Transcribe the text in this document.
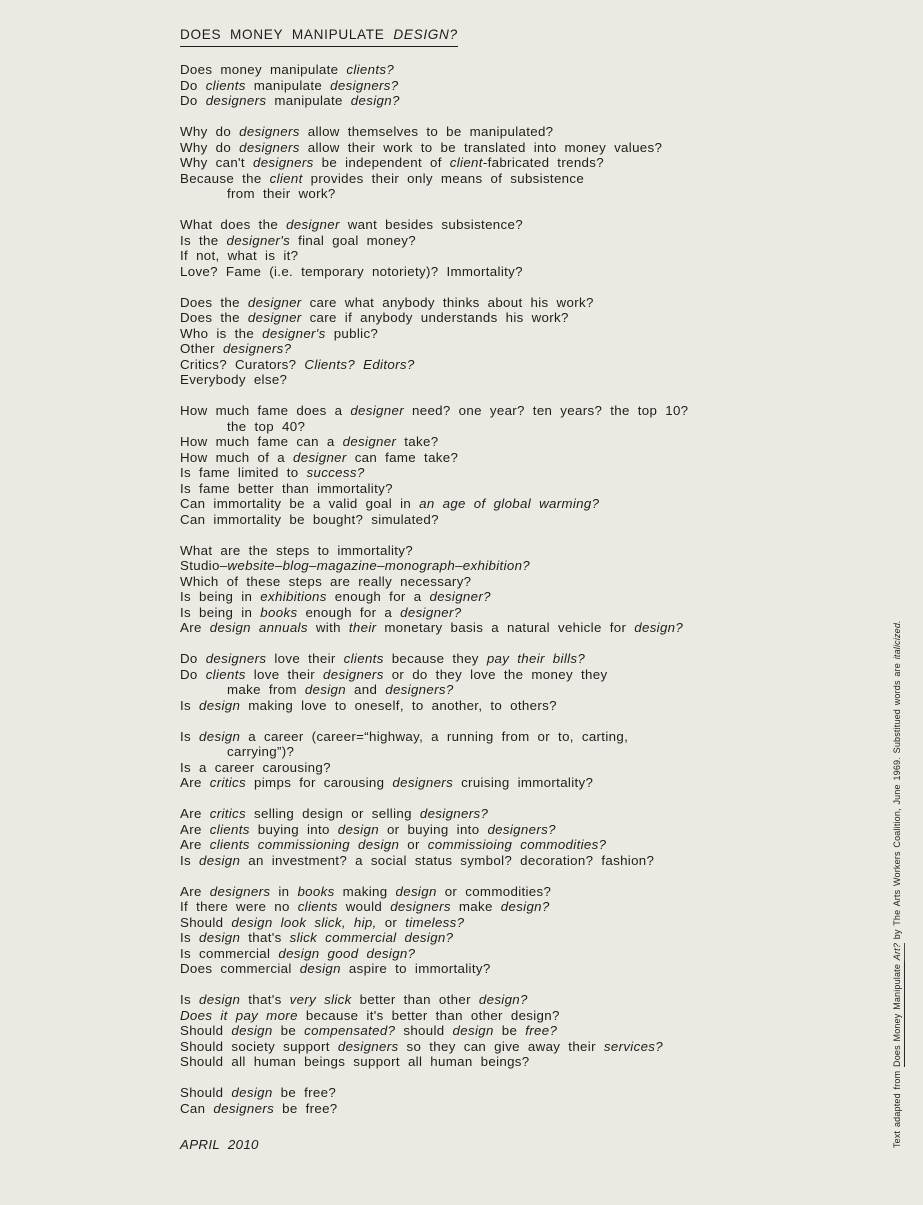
DOES MONEY MANIPULATE DESIGN?
Does money manipulate clients?
Do clients manipulate designers?
Do designers manipulate design?
Why do designers allow themselves to be manipulated?
Why do designers allow their work to be translated into money values?
Why can't designers be independent of client-fabricated trends?
Because the client provides their only means of subsistence
from their work?
What does the designer want besides subsistence?
Is the designer's final goal money?
If not, what is it?
Love? Fame (i.e. temporary notoriety)? Immortality?
Does the designer care what anybody thinks about his work?
Does the designer care if anybody understands his work?
Who is the designer's public?
Other designers?
Critics? Curators? Clients? Editors?
Everybody else?
How much fame does a designer need? one year? ten years? the top 10?
the top 40?
How much fame can a designer take?
How much of a designer can fame take?
Is fame limited to success?
Is fame better than immortality?
Can immortality be a valid goal in an age of global warming?
Can immortality be bought? simulated?
What are the steps to immortality?
Studio–website–blog–magazine–monograph–exhibition?
Which of these steps are really necessary?
Is being in exhibitions enough for a designer?
Is being in books enough for a designer?
Are design annuals with their monetary basis a natural vehicle for design?
Do designers love their clients because they pay their bills?
Do clients love their designers or do they love the money they
make from design and designers?
Is design making love to oneself, to another, to others?
Is design a career (career=“highway, a running from or to, carting,
carrying”)?
Is a career carousing?
Are critics pimps for carousing designers cruising immortality?
Are critics selling design or selling designers?
Are clients buying into design or buying into designers?
Are clients commissioning design or commissioing commodities?
Is design an investment? a social status symbol? decoration? fashion?
Are designers in books making design or commodities?
If there were no clients would designers make design?
Should design look slick, hip, or timeless?
Is design that's slick commercial design?
Is commercial design good design?
Does commercial design aspire to immortality?
Is design that's very slick better than other design?
Does it pay more because it's better than other design?
Should design be compensated? should design be free?
Should society support designers so they can give away their services?
Should all human beings support all human beings?
Should design be free?
Can designers be free?
APRIL 2010	Text adapted from Does Money Manipulate Art? by The Arts Workers Coalition, June 1969. Substitued words are italicized.
